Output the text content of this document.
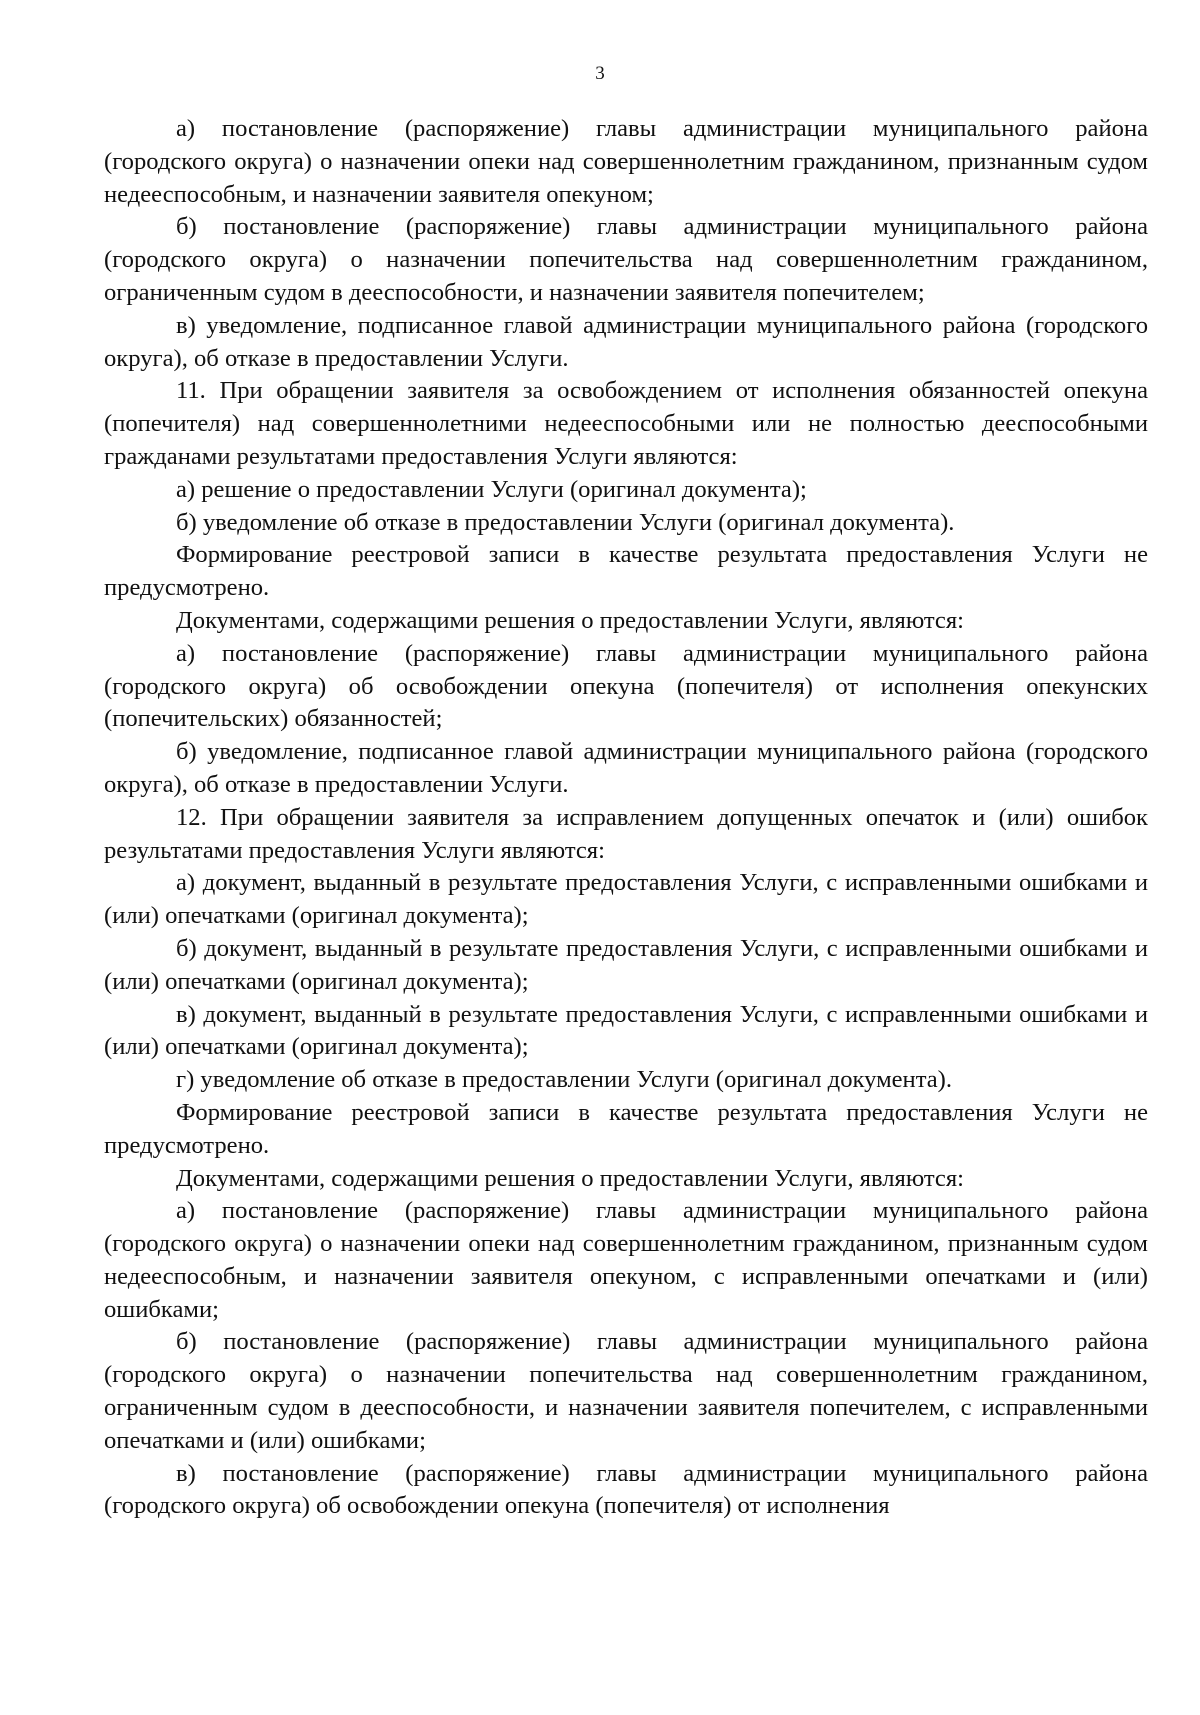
3

а) постановление (распоряжение) главы администрации муниципального района (городского округа) о назначении опеки над совершеннолетним гражданином, признанным судом недееспособным, и назначении заявителя опекуном;

б) постановление (распоряжение) главы администрации муниципального района (городского округа) о назначении попечительства над совершеннолетним гражданином, ограниченным судом в дееспособности, и назначении заявителя попечителем;

в) уведомление, подписанное главой администрации муниципального района (городского округа), об отказе в предоставлении Услуги.

11. При обращении заявителя за освобождением от исполнения обязанностей опекуна (попечителя) над совершеннолетними недееспособными или не полностью дееспособными гражданами результатами предоставления Услуги являются:

а) решение о предоставлении Услуги (оригинал документа);

б) уведомление об отказе в предоставлении Услуги (оригинал документа).

Формирование реестровой записи в качестве результата предоставления Услуги не предусмотрено.

Документами, содержащими решения о предоставлении Услуги, являются:

а) постановление (распоряжение) главы администрации муниципального района (городского округа) об освобождении опекуна (попечителя) от исполнения опекунских (попечительских) обязанностей;

б) уведомление, подписанное главой администрации муниципального района (городского округа), об отказе в предоставлении Услуги.

12. При обращении заявителя за исправлением допущенных опечаток и (или) ошибок результатами предоставления Услуги являются:

а) документ, выданный в результате предоставления Услуги, с исправленными ошибками и (или) опечатками (оригинал документа);

б) документ, выданный в результате предоставления Услуги, с исправленными ошибками и (или) опечатками (оригинал документа);

в) документ, выданный в результате предоставления Услуги, с исправленными ошибками и (или) опечатками (оригинал документа);

г) уведомление об отказе в предоставлении Услуги (оригинал документа).

Формирование реестровой записи в качестве результата предоставления Услуги не предусмотрено.

Документами, содержащими решения о предоставлении Услуги, являются:

а) постановление (распоряжение) главы администрации муниципального района (городского округа) о назначении опеки над совершеннолетним гражданином, признанным судом недееспособным, и назначении заявителя опекуном, с исправленными опечатками и (или) ошибками;

б) постановление (распоряжение) главы администрации муниципального района (городского округа) о назначении попечительства над совершеннолетним гражданином, ограниченным судом в дееспособности, и назначении заявителя попечителем, с исправленными опечатками и (или) ошибками;

в) постановление (распоряжение) главы администрации муниципального района (городского округа) об освобождении опекуна (попечителя) от исполнения
